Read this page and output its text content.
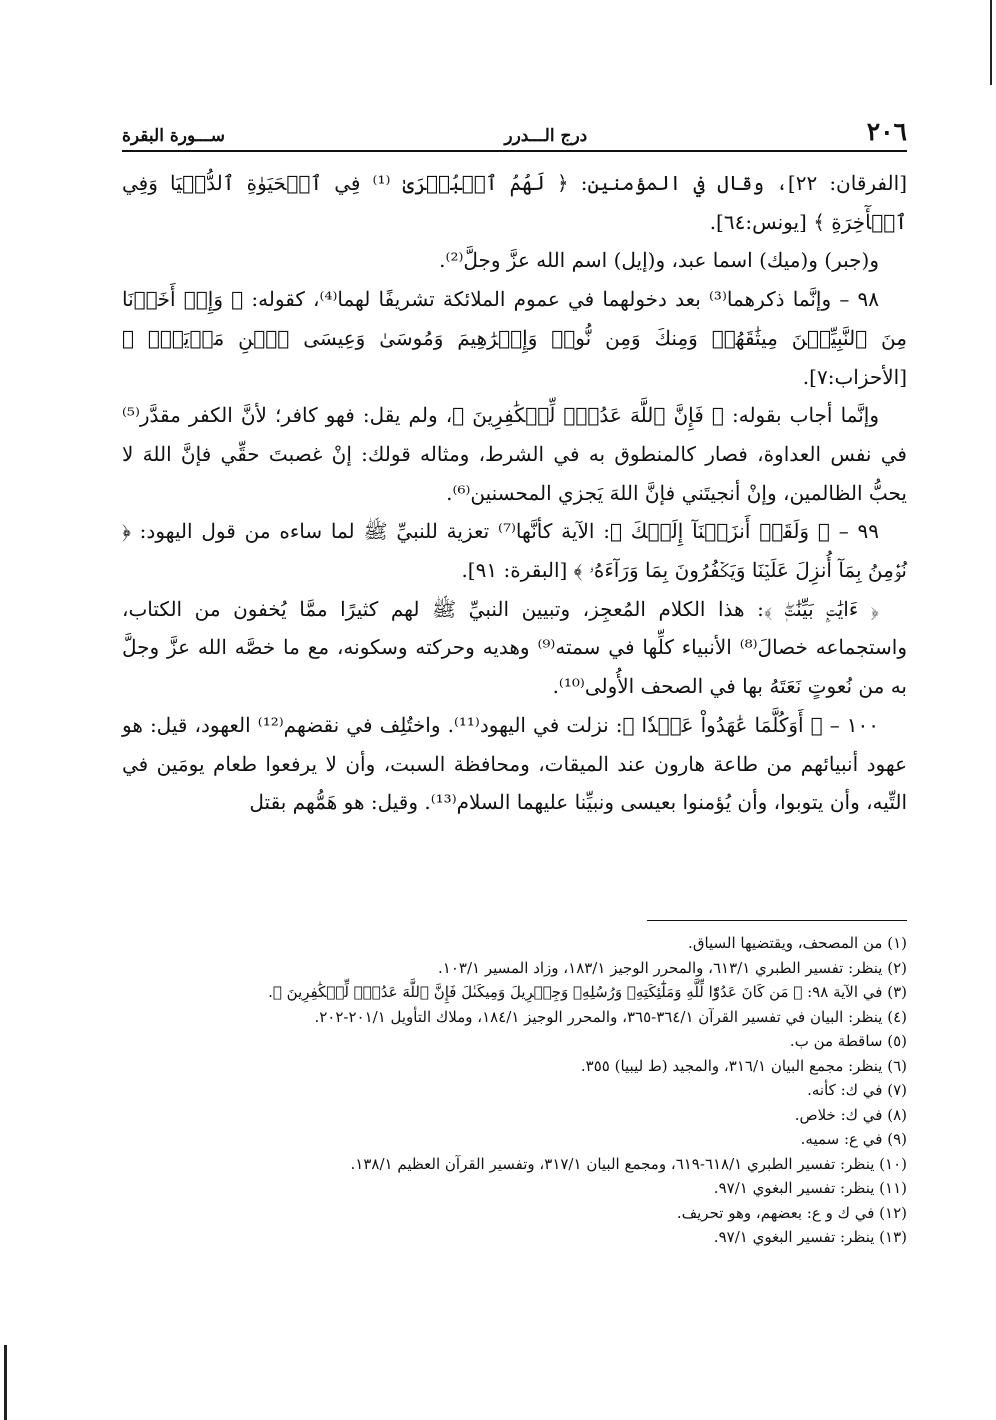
٢٠٦
درج الـــدرر
ســـورة البقرة

[الفرقان: ٢٢]، وقال في المؤمنين: ﴿ لَهُمُ ٱلۡبُشۡرَىٰ ⁽¹⁾ فِي ٱلۡحَيَوٰةِ ٱلدُّنۡيَا وَفِي ٱلۡأٓخِرَةِ ﴾ [يونس:٦٤].

و(جبر) و(ميك) اسما عبد، و(إيل) اسم الله عزَّ وجلَّ⁽²⁾.

٩٨ – وإنَّما ذكرهما⁽³⁾ بعد دخولهما في عموم الملائكة تشريفًا لهما⁽⁴⁾، كقوله: ﴿ وَإِذۡ أَخَذۡنَا مِنَ ٱلنَّبِيِّـۧنَ مِيثَٰقَهُمۡ وَمِنكَ وَمِن نُّوحٖ وَإِبۡرَٰهِيمَ وَمُوسَىٰ وَعِيسَى ٱبۡنِ مَرۡيَمَۖ ﴾ [الأحزاب:٧].

وإنَّما أجاب بقوله: ﴿ فَإِنَّ ٱللَّهَ عَدُوّٞ لِّلۡكَٰفِرِينَ ﴾، ولم يقل: فهو كافر؛ لأنَّ الكفر مقدَّر⁽⁵⁾ في نفس العداوة، فصار كالمنطوق به في الشرط، ومثاله قولك: إنْ غصبتَ حقِّي فإنَّ اللهَ لا يحبُّ الظالمين، وإنْ أنجيتَني فإنَّ اللهَ يَجزي المحسنين⁽⁶⁾.

٩٩ – ﴿ وَلَقَدۡ أَنزَلۡنَآ إِلَيۡكَ ﴾: الآية كأنَّها⁽⁷⁾ تعزية للنبيِّ ﷺ لما ساءه من قول اليهود: ﴿ نُؤۡمِنُ بِمَآ أُنزِلَ عَلَيۡنَا وَيَكۡفُرُونَ بِمَا وَرَآءَهُۥ ﴾ [البقرة: ٩١].

﴿ ءَايَٰتِۭ بَيِّنَٰتٖۖ ﴾: هذا الكلام المُعجِز، وتبيين النبيِّ ﷺ لهم كثيرًا ممَّا يُخفون من الكتاب، واستجماعه خصالَ⁽⁸⁾ الأنبياء كلِّها في سمته⁽⁹⁾ وهديه وحركته وسكونه، مع ما خصَّه الله عزَّ وجلَّ به من نُعوتٍ نَعَتَهُ بها في الصحف الأُولى⁽¹⁰⁾.

١٠٠ – ﴿ أَوَكُلَّمَا عَٰهَدُواْ عَهۡدٗا ﴾: نزلت في اليهود⁽¹¹⁾. واختُلِف في نقضهم⁽¹²⁾ العهود، قيل: هو عهود أنبيائهم من طاعة هارون عند الميقات، ومحافظة السبت، وأن لا يرفعوا طعام يومَين في التِّيه، وأن يتوبوا، وأن يُؤمنوا بعيسى ونبيِّنا عليهما السلام⁽¹³⁾. وقيل: هو هَمُّهم بقتل

(١) من المصحف، ويقتضيها السياق.
(٢) ينظر: تفسير الطبري ٦١٣/١، والمحرر الوجيز ١٨٣/١، وزاد المسير ١٠٣/١.
(٣) في الآية ٩٨: ﴿ مَن كَانَ عَدُوّٗا لِّلَّهِ وَمَلَٰٓئِكَتِهِۦ وَرُسُلِهِۦ وَجِبۡرِيلَ وَمِيكَىٰلَ فَإِنَّ ٱللَّهَ عَدُوّٞ لِّلۡكَٰفِرِينَ ﴾.
(٤) ينظر: البيان في تفسير القرآن ٣٦٤/١-٣٦٥، والمحرر الوجيز ١٨٤/١، وملاك التأويل ٢٠١/١-٢٠٢.
(٥) ساقطة من ب.
(٦) ينظر: مجمع البيان ٣١٦/١، والمجيد (ط ليبيا) ٣٥٥.
(٧) في ك: كأنه.
(٨) في ك: خلاص.
(٩) في ع: سميه.
(١٠) ينظر: تفسير الطبري ٦١٨/١-٦١٩، ومجمع البيان ٣١٧/١، وتفسير القرآن العظيم ١٣٨/١.
(١١) ينظر: تفسير البغوي ٩٧/١.
(١٢) في ك و ع: بعضهم، وهو تحريف.
(١٣) ينظر: تفسير البغوي ٩٧/١.
